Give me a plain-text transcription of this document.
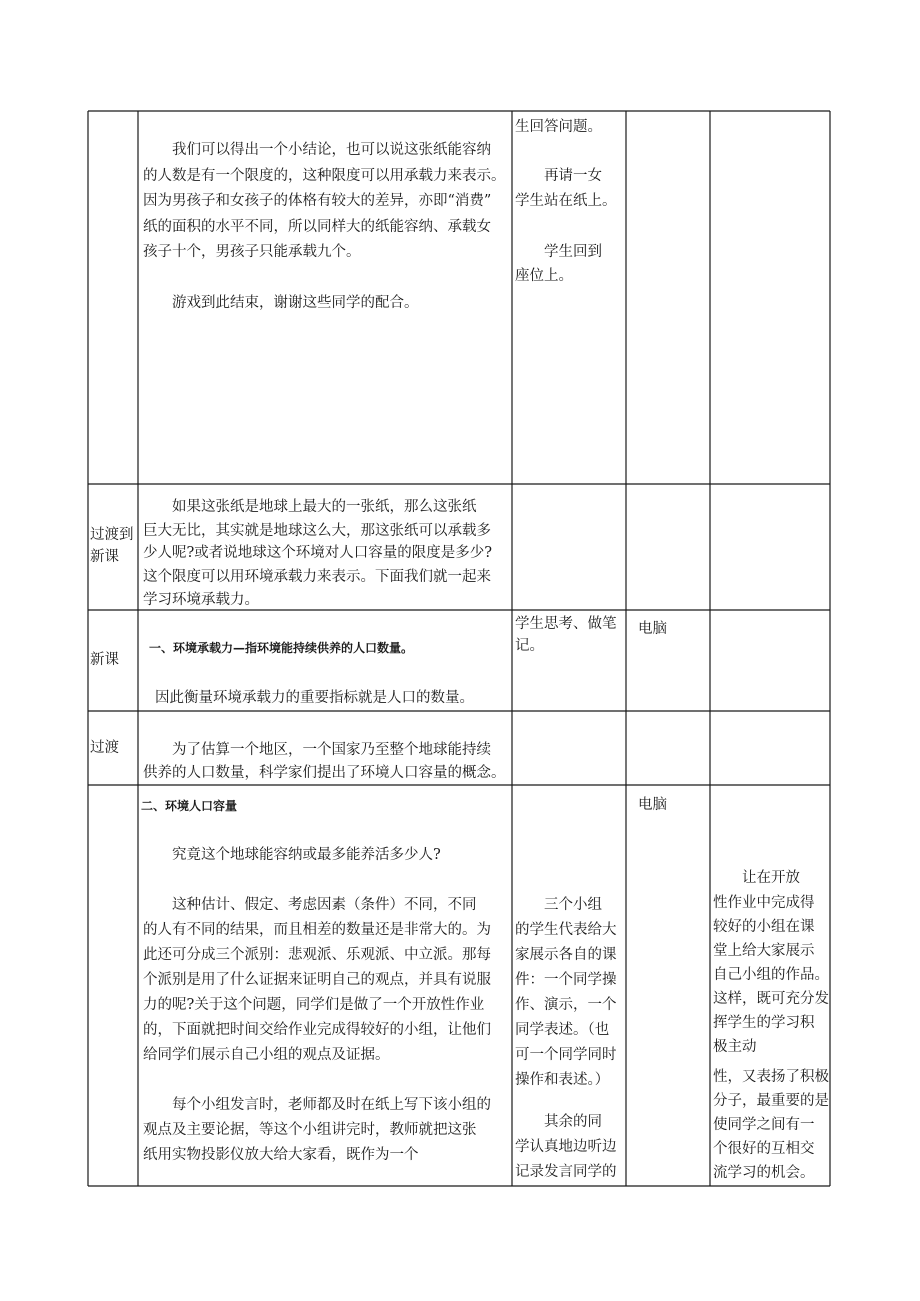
　　我们可以得出一个小结论，也可以说这张纸能容纳
的人数是有一个限度的，这种限度可以用承载力来表示。
因为男孩子和女孩子的体格有较大的差异，亦即“消费”
纸的面积的水平不同，所以同样大的纸能容纳、承载女
孩子十个，男孩子只能承载九个。
　　游戏到此结束，谢谢这些同学的配合。
生回答问题。
　　再请一女
学生站在纸上。
　　学生回到
座位上。
过渡到
新课
　　如果这张纸是地球上最大的一张纸，那么这张纸
巨大无比，其实就是地球这么大，那这张纸可以承载多
少人呢?或者说地球这个环境对人口容量的限度是多少?
这个限度可以用环境承载力来表示。下面我们就一起来
学习环境承载力。
新课
一、环境承载力—指环境能持续供养的人口数量。
因此衡量环境承载力的重要指标就是人口的数量。
学生思考、做笔
记。
电脑
过渡 　　为了估算一个地区，一个国家乃至整个地球能持续
供养的人口数量，科学家们提出了环境人口容量的概念。
二、环境人口容量
　　究竟这个地球能容纳或最多能养活多少人?
　　这种估计、假定、考虑因素（条件）不同，不同
的人有不同的结果，而且相差的数量还是非常大的。为
此还可分成三个派别：悲观派、乐观派、中立派。那每
个派别是用了什么证据来证明自己的观点，并具有说服
力的呢?关于这个问题，同学们是做了一个开放性作业
的，下面就把时间交给作业完成得较好的小组，让他们
给同学们展示自己小组的观点及证据。
　　每个小组发言时，老师都及时在纸上写下该小组的
观点及主要论据，等这个小组讲完时，教师就把这张
纸用实物投影仪放大给大家看，既作为一个
　　三个小组
的学生代表给大
家展示各自的课
件：一个同学操
作、演示，一个
同学表述。（也
可一个同学同时
操作和表述。）
　　其余的同
学认真地边听边
记录发言同学的
电脑
　　让在开放
性作业中完成得
较好的小组在课
堂上给大家展示
自己小组的作品。
这样，既可充分发
挥学生的学习积
极主动
性，又表扬了积极
分子，最重要的是
使同学之间有一
个很好的互相交
流学习的机会。
